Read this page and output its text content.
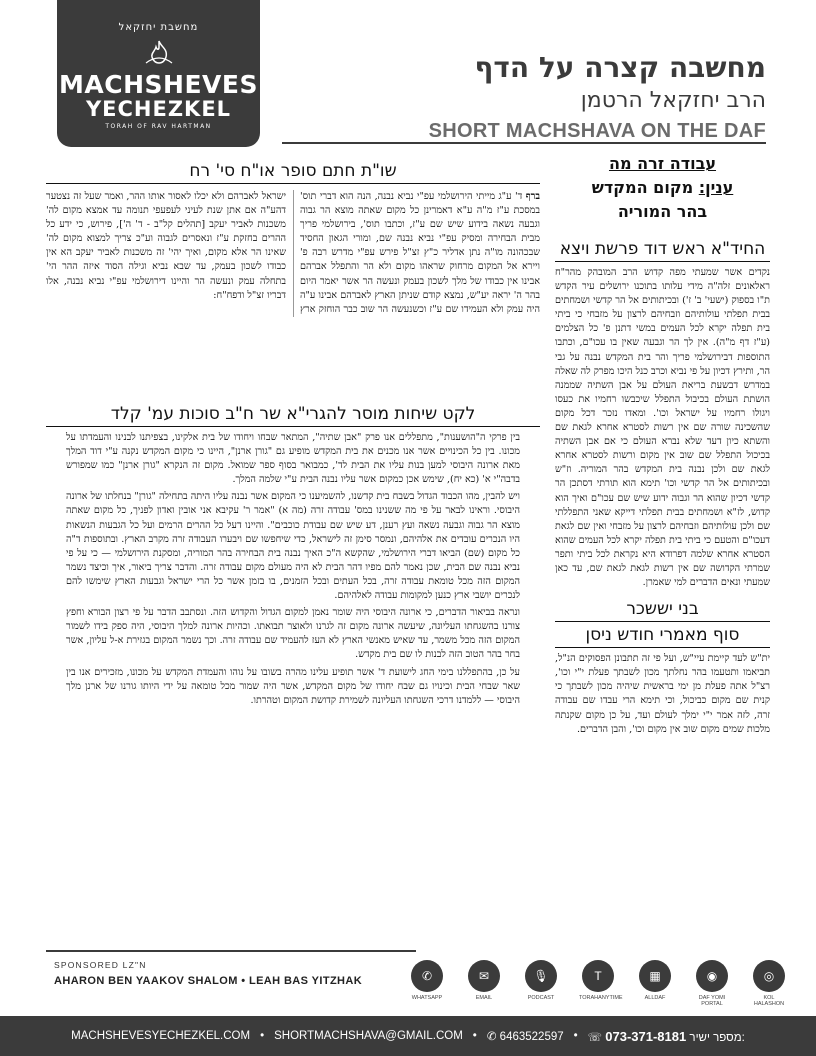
מחשבת יחזקאל
MACHSHEVES
YECHEZKEL
TORAH OF RAV HARTMAN
מחשבה קצרה על הדף
הרב יחזקאל הרטמן
SHORT MACHSHAVA ON THE DAF
עבודה זרה מה
ענין: מקום המקדש
בהר המוריה
החיד"א ראש דוד פרשת ויצא

נקדים אשר שמעתי מפה קדוש הרב המובהק מהר"ח ראלאונים זלה"ה מידי עלותו בתוכנו ירושלים עיר הקדש ת"ו בספוק (ישעי' ב' ז') ובכיתותים אל הר קדשי ושמחתים בבית תפלתי עולותיהם וזבחיהם לרצון על מזבחי כי ביתי בית תפלה יקרא לכל העמים במשי דתנן פ' כל הצלמים (ע"ז דף מ"ה). אין לך הר וגבעה שאין בו עכו"ם, וכתבו התוספות דבירושלמי פריך והר בית המקדש נבנה על גבי הר, ותירץ דכיון על פי נביא וכרב כנל היכו מפרק לה שאלה במדרש דבשעת בריאת העולם על אבן השתיה שממנה הושתת העולם בכיבול התפלל שיכבשו רחמיו את כעסו ויגולו רחמיו על ישראל וכו'. ומאדו נזכר דכל מקום שהשכינה שורה שם אין רשות לסטרא אחרא לגאת שם והשתא כיון דעד שלא נברא העולם כי אם אבן השתיה בכיכול התפלל שם שוב אין מקום ורשות לסטרא אחרא לגאת שם ולכן נבנה בית המקדש בהר המוריה. וז"ש ובכיתותים אל הר קדשי וכו' תימא הוא תורתי דסתכן הר קדשי דכיון שהוא הר וגבוה ידוע שיש שם עכו"ם ואיך הוא קדוש, לז"א ושמחתים בבית תפלתי דייקא שאני התפללתי שם ולכן עולותיהם וזבחיהם לרצון על מזבחי ואין שם לגאת דעכו"ם והטעם כי ביתי בית תפלה יקרא לכל העמים שהוא הסטרא אחרא שלמה דפרודא היא נקראת לכל ביתי ותפר שמרתי הקדושה שם אין רשות לגאת לגאת שם, עד כאן שמעתי ונאים הדברים למי שאמרן.

בני יששכר
סוף מאמרי חודש ניסן

ית"ש לעד קיימת עיי"ש, ועל פי זה תתבונן הפסוקים הנ"ל, תביאמו ותטעמו בהר נחלתך מכון לשבתך פעלת י"י וכו', רצ"ל אתה פעלת מן ימי בראשית שיהיה מכון לשבתך כי קנית שם מקום כביכול, וכי תימא הרי עבדו שם עבודה זרה, לזה אמר י"י ימלך לעולם ועד, על כן מקום שקנתה מלכות שמים מקום שוב אין מקום וכו', והבן הדברים.

שו"ת חתם סופר או"ח סי' רח

ברף ד' ע"ג מייתי הירושלמי עפ"י נביא נבנה, הנה הוא דברי תוס' במסכת ע"ז מ"ה ע"א דאמרינן כל מקום שאתה מוצא הר גבוה וגבעה נשאה בידוע שיש שם ע"ז, וכתבו תוס', בירושלמי פריך מבית הבחירה ומסיק עפ"י נביא נבנה שם, ומורי הגאון החסיד שבכהונה מו"ה נתן אדליר כ"ץ זצ"ל פירש עפ"י מדרש רבה פ' ויירא אל המקום מרחוק שראהו מקום ולא הר והתפלל אברהם אבינו אין כבודו של מלך לשכון בעמק ונעשה הר אשר יאמר היום בהר ה' יראה יע"ש, נמצא קודם שניתן הארץ לאברהם אבינו ע"ה היה עמק ולא העמידו שם ע"ז וכשנעשה הר שוב כבר הוחזק ארץ ישראל לאברהם ולא יכלו לאסור אותו ההר, ואמר שעל זה נצטער דהע"ה אם אתן שנת לעיני לעפעפי תנומה עד אמצא מקום לה' משכנות לאביר יעקב [תהלים קל"ב - ד' ה'], פירוש, כי ידע כל ההרים בחזקת ע"ז ונאסרים לגבוה וע"כ צריך למצוא מקום לה' שאינו הר אלא מקום, ואיך יהי' זה משכנות לאביר יעקב הא אין כבודו לשכון בעמק, עד שבא נביא וגילה הסוד איזה ההר הי' בתחלה עמק ונעשה הר והיינו דירושלמי עפ"י נביא נבנה, אלו דבריו זצ"ל ודפח"ח:

לקט שיחות מוסר להגרי"א שר ח"ב סוכות עמ' קלד

בין פרקי ה"הושענות", מתפללים אנו פרק "אבן שתיה", המתאר שבחו ויחודו של בית אלקינו, בצפיתנו לבנינו והעמדתו על מכונו. בין כל הכינויים אשר אנו מכנים את בית המקדש מופיע גם "גורן ארנן", היינו כי מקום המקדש נקנה ע"י דוד המלך מאת ארונה היבוסי למען בנות עליו את הבית לד', כמבואר בסוף ספר שמואל. מקום זה הנקרא "גורן ארנן" כמו שמפורש בדבה"י א' (כא יח), שימש אכן כמקום אשר עליו נבנה הבית ע"י שלמה המלך.

ויש להבין, מהו הכבוד הגדול בשבח בית קדשנו, להשמיענו כי המקום אשר נבנה עליו היתה בתחילה "גורן" בנחלתו של ארונה היבוסי. וראינו לבאר על פי מה ששנינו במס' עבודה זרה (מה א) "אמר ר' עקיבא אני אובין ואדון לפניך, כל מקום שאתה מוצא הר גבוה וגבעה נשאה ועץ רענן, דע שיש שם עבודת כוכבים". והיינו דעל כל ההרים הרמים ועל כל הגבעות הנשאות היו הנכרים עובדים את אלהיהם, ונמסר סימן זה לישראל, כדי שיחפשו שם ויבערו העבודה זרה מקרב הארץ. ובתוספות ד"ה כל מקום (שם) הביאו דברי הירושלמי, שהקשא ה"כ האיך נבנה בית הבחירה בהר המוריה, ומסקנת הירושלמי — כי על פי נביא נבנה שם הבית, שכן נאמר להם מפיו דהר הבית לא היה מעולם מקום עבודה זרה. והדבר צריך ביאור, איך וכיצד נשמר המקום הזה מכל טומאת עבודה זרה, בכל העתים ובכל הזמנים, בו בזמן אשר כל הרי ישראל וגבעות הארץ שימשו להם לנכרים יושבי ארץ כנען למקומות עבודה לאלהיהם.

ונראה בביאור הדברים, כי ארונה היבוסי היה שומר נאמן למקום הגדול והקדוש הזה. ונסתבב הדבר על פי רצון הבורא וחפץ צורנו בהשגחתו העליונה, שיעשה ארונה מקום זה לגרנו ולאוצר תבואתו. וכהיות ארונה למלך היבוסי, היה ספק בידו לשמור המקום הזה מכל משמר, עד שאיש מאנשי הארץ לא העז להעמיד שם עבודה זרה. וכך נשמר המקום בגזירת א-ל עליון, אשר בחר בהר הטוב הזה לבנות לו שם בית מקדש.

על כן, בהתפללנו בימי החג לישועת ד' אשר תופיע עלינו מהרה בשובו על נוהו והעמדת המקדש על מכונו, מזכירים אנו בין שאר שבחי הבית וכינויו גם שבח יחודו של מקום המקדש, אשר היה שמור מכל טומאה על ידי היותו גורנו של ארנן מלך היבוסי — ללמדנו דרכי השגחתו העליונה לשמירת קדושת המקום וטהרתו.

SPONSORED LZ"N
AHARON BEN YAAKOV SHALOM • LEAH BAS YITZHAK	✆
WHATSAPP
✉
EMAIL
🎙
PODCAST
T
TORAHANYTIME
▦
ALLDAF
◉
DAF YOMI PORTAL
◎
KOL HALASHON
MACHSHEVESYECHEZKEL.COM • SHORTMACHSHAVA@GMAIL.COM • ✆ 6463522597 • ☏ 073-371-8181 מספר ישיר:
